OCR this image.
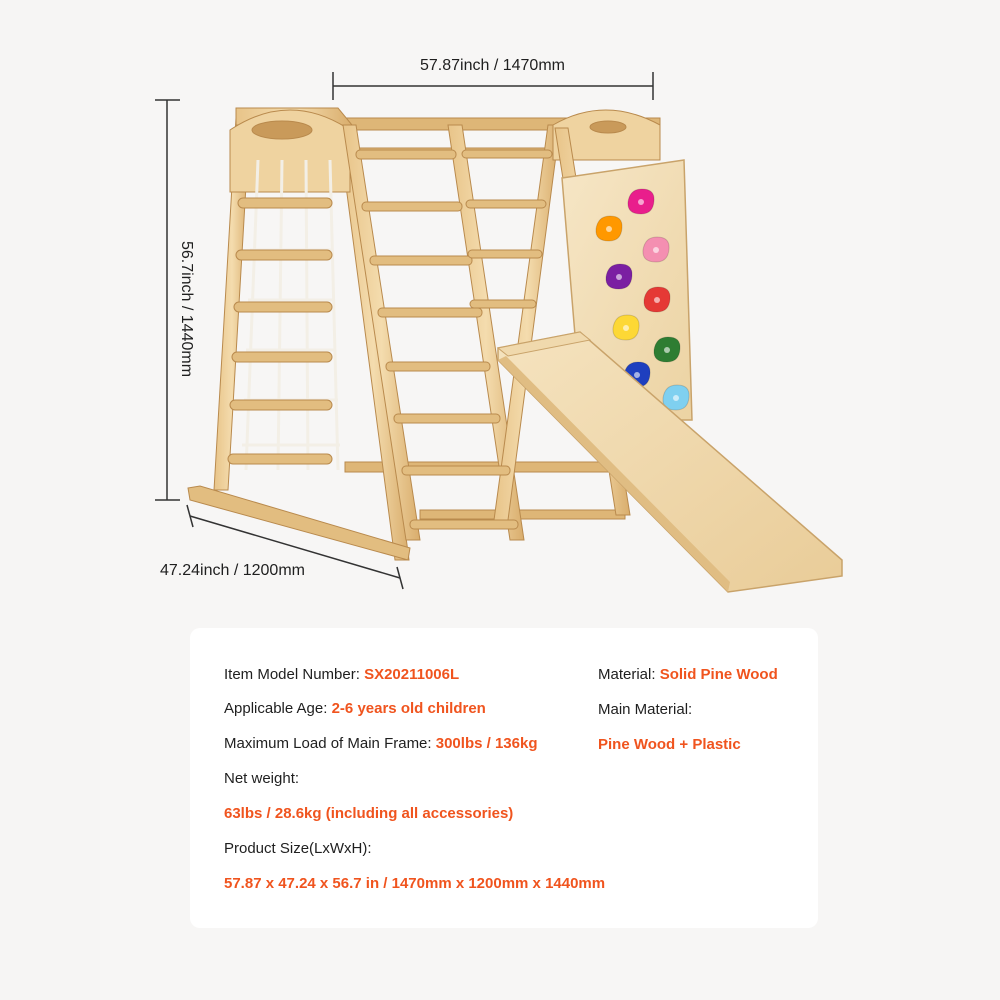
57.87inch / 1470mm
56.7inch / 1440mm
47.24inch / 1200mm
Item Model Number: SX20211006L
Applicable Age: 2-6 years old children
Maximum Load of Main Frame: 300lbs / 136kg
Net weight:
63lbs / 28.6kg (including all accessories)
Product Size(LxWxH):
57.87 x 47.24 x 56.7 in / 1470mm x 1200mm x 1440mm
Material: Solid Pine Wood
Main Material:
Pine Wood + Plastic
